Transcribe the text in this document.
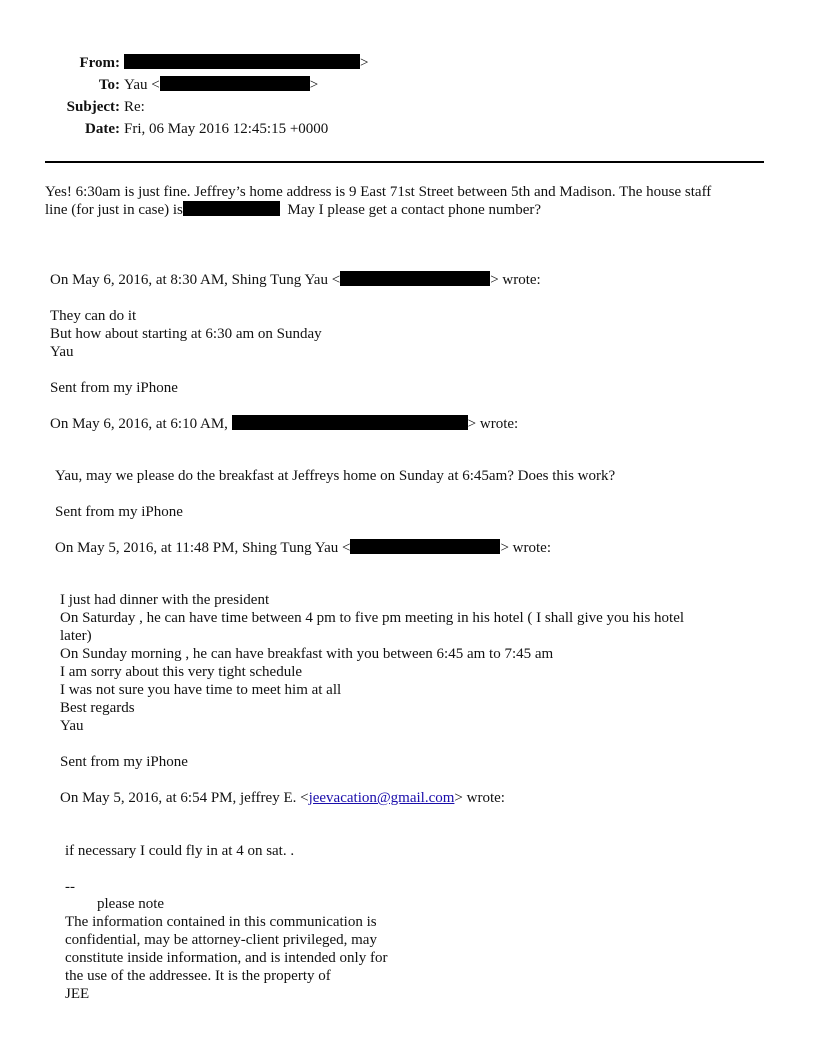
From:	>
To: Yau <	>
Subject: Re:
Date: Fri, 06 May 2016 12:45:15 +0000
Yes! 6:30am is just fine. Jeffrey’s home address is 9 East 71st Street between 5th and Madison. The house staff
line (for just in case) is	May I please get a contact phone number?
On May 6, 2016, at 8:30 AM, Shing Tung Yau <	> wrote:
They can do it
But how about starting at 6:30 am on Sunday
Yau
Sent from my iPhone
On May 6, 2016, at 6:10 AM,	> wrote:
Yau, may we please do the breakfast at Jeffreys home on Sunday at 6:45am? Does this work?
Sent from my iPhone
On May 5, 2016, at 11:48 PM, Shing Tung Yau <	> wrote:
I just had dinner with the president
On Saturday , he can have time between 4 pm to five pm meeting in his hotel ( I shall give you his hotel
later)
On Sunday morning , he can have breakfast with you between 6:45 am to 7:45 am
I am sorry about this very tight schedule
I was not sure you have time to meet him at all
Best regards
Yau
Sent from my iPhone
On May 5, 2016, at 6:54 PM, jeffrey E. <jeevacation@gmail.com> wrote:
if necessary I could fly in at 4 on sat. .
--
please note
The information contained in this communication is
confidential, may be attorney-client privileged, may
constitute inside information, and is intended only for
the use of the addressee. It is the property of
JEE
